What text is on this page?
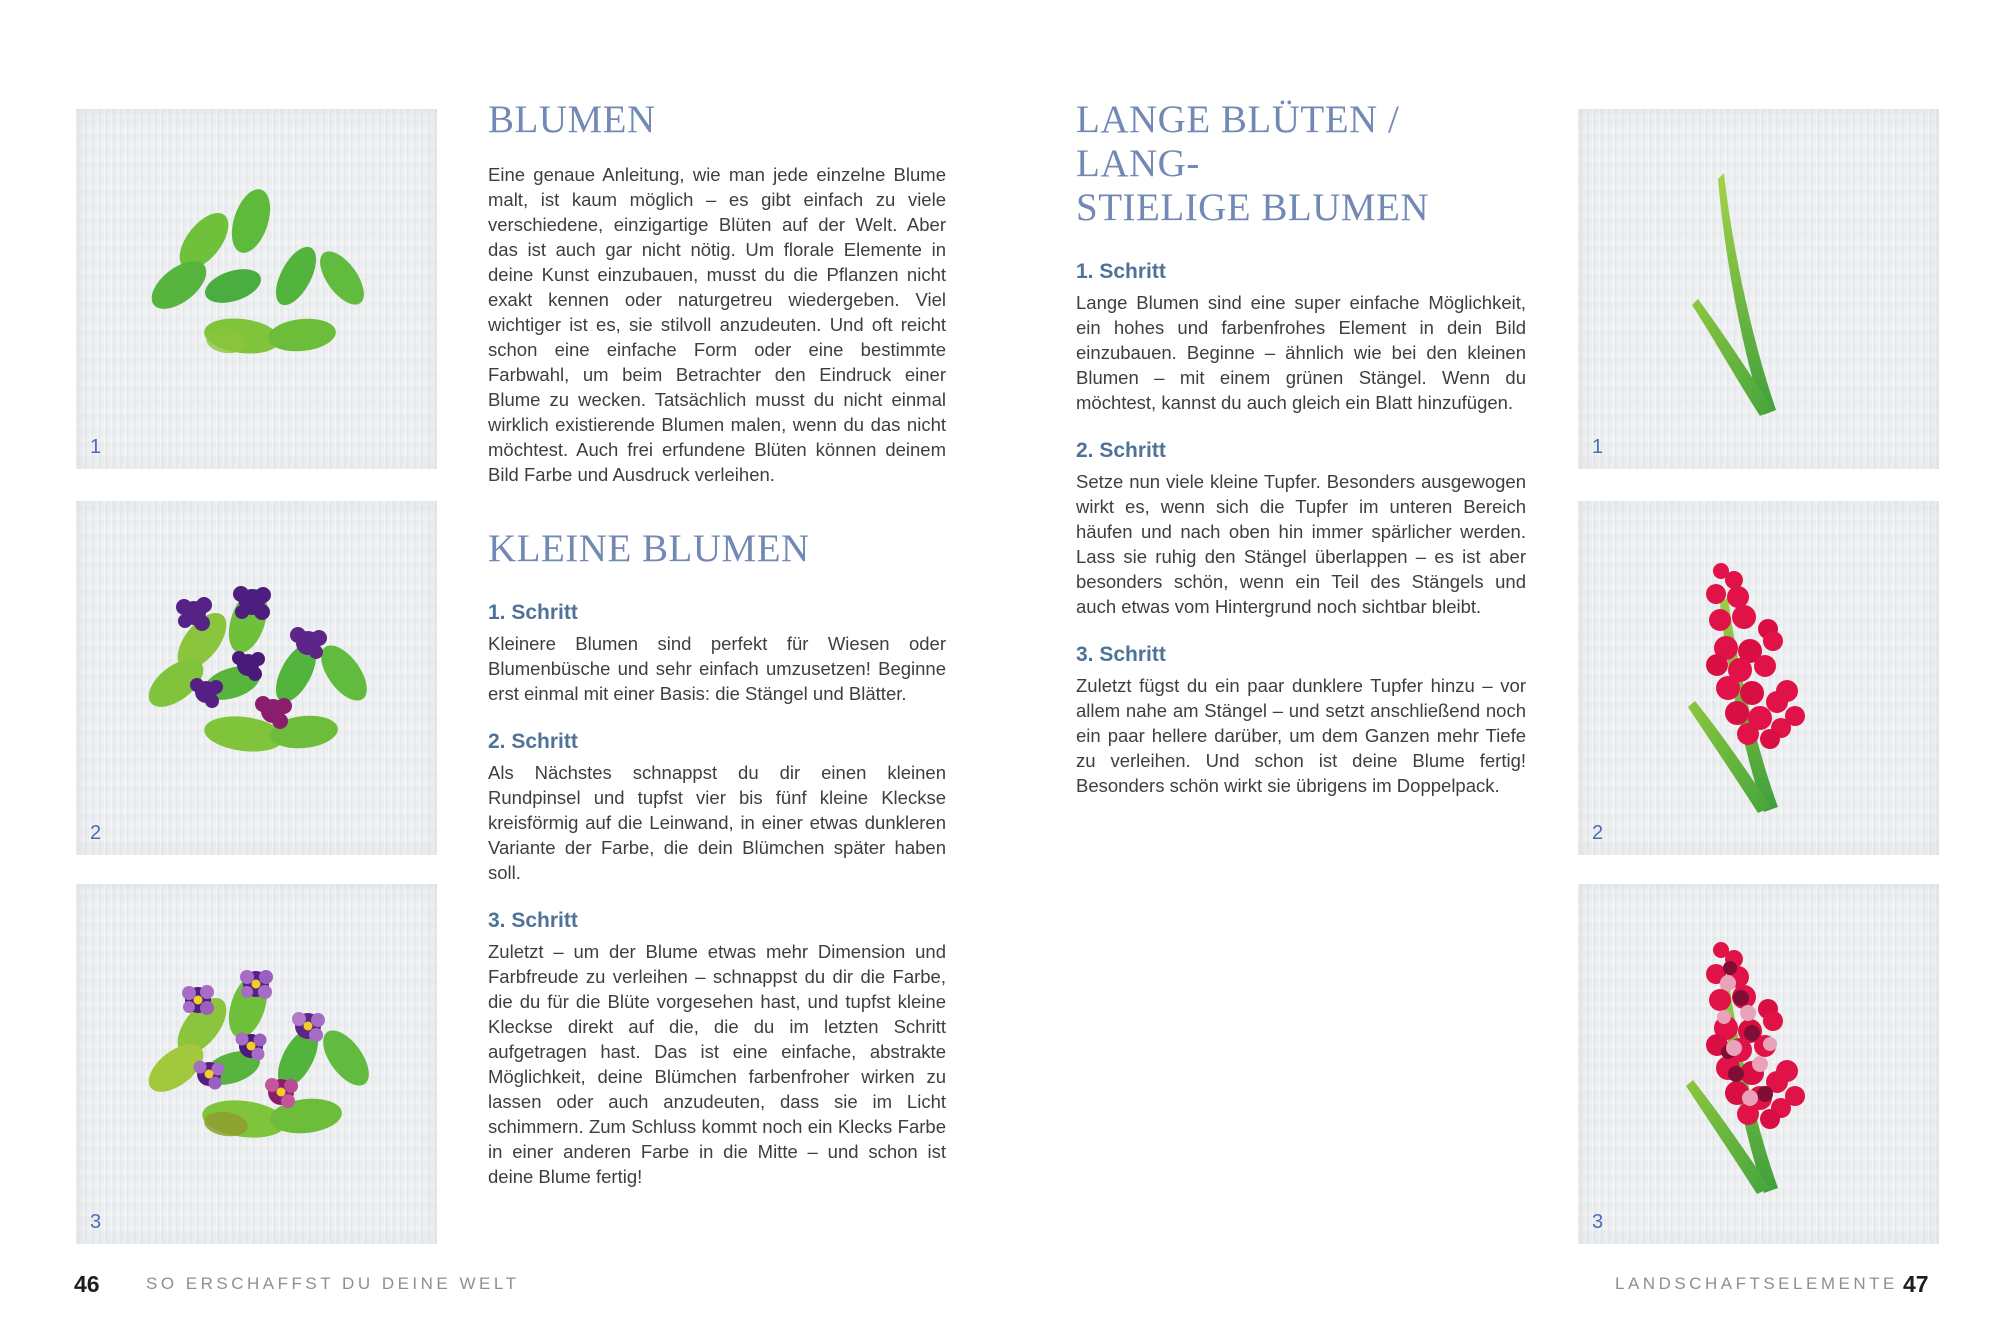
1
2
3
BLUMEN

Eine genaue Anleitung, wie man jede einzelne Blume malt, ist kaum möglich – es gibt einfach zu viele verschiedene, einzigartige Blüten auf der Welt. Aber das ist auch gar nicht nötig. Um florale Elemente in deine Kunst einzubauen, musst du die Pflanzen nicht exakt kennen oder naturgetreu wiedergeben. Viel wichtiger ist es, sie stilvoll anzudeuten. Und oft reicht schon eine einfache Form oder eine bestimmte Farbwahl, um beim Betrachter den Eindruck einer Blume zu wecken. Tatsächlich musst du nicht einmal wirklich existierende Blumen malen, wenn du das nicht möchtest. Auch frei erfundene Blüten können deinem Bild Farbe und Ausdruck verleihen.

KLEINE BLUMEN
1. Schritt

Kleinere Blumen sind perfekt für Wiesen oder Blumenbüsche und sehr einfach umzusetzen! Beginne erst einmal mit einer Basis: die Stängel und Blätter.

2. Schritt

Als Nächstes schnappst du dir einen kleinen Rundpinsel und tupfst vier bis fünf kleine Kleckse kreisförmig auf die Leinwand, in einer etwas dunkleren Variante der Farbe, die dein Blümchen später haben soll.

3. Schritt

Zuletzt – um der Blume etwas mehr Dimension und Farbfreude zu verleihen – schnappst du dir die Farbe, die du für die Blüte vorgesehen hast, und tupfst kleine Kleckse direkt auf die, die du im letzten Schritt aufgetragen hast. Das ist eine einfache, abstrakte Möglichkeit, deine Blümchen farbenfroher wirken zu lassen oder auch anzudeuten, dass sie im Licht schimmern. Zum Schluss kommt noch ein Klecks Farbe in einer anderen Farbe in die Mitte – und schon ist deine Blume fertig!

LANGE BLÜTEN / LANG-
STIELIGE BLUMEN
1. Schritt

Lange Blumen sind eine super einfache Möglichkeit, ein hohes und farbenfrohes Element in dein Bild einzubauen. Beginne – ähnlich wie bei den kleinen Blumen – mit einem grünen Stängel. Wenn du möchtest, kannst du auch gleich ein Blatt hinzufügen.

2. Schritt

Setze nun viele kleine Tupfer. Besonders ausgewogen wirkt es, wenn sich die Tupfer im unteren Bereich häufen und nach oben hin immer spärlicher werden. Lass sie ruhig den Stängel überlappen – es ist aber besonders schön, wenn ein Teil des Stängels und auch etwas vom Hintergrund noch sichtbar bleibt.

3. Schritt

Zuletzt fügst du ein paar dunklere Tupfer hinzu – vor allem nahe am Stängel – und setzt anschließend noch ein paar hellere darüber, um dem Ganzen mehr Tiefe zu verleihen. Und schon ist deine Blume fertig! Besonders schön wirkt sie übrigens im Doppelpack.

1
2
3
46	SO ERSCHAFFST DU DEINE WELT	LANDSCHAFTSELEMENTE 47
